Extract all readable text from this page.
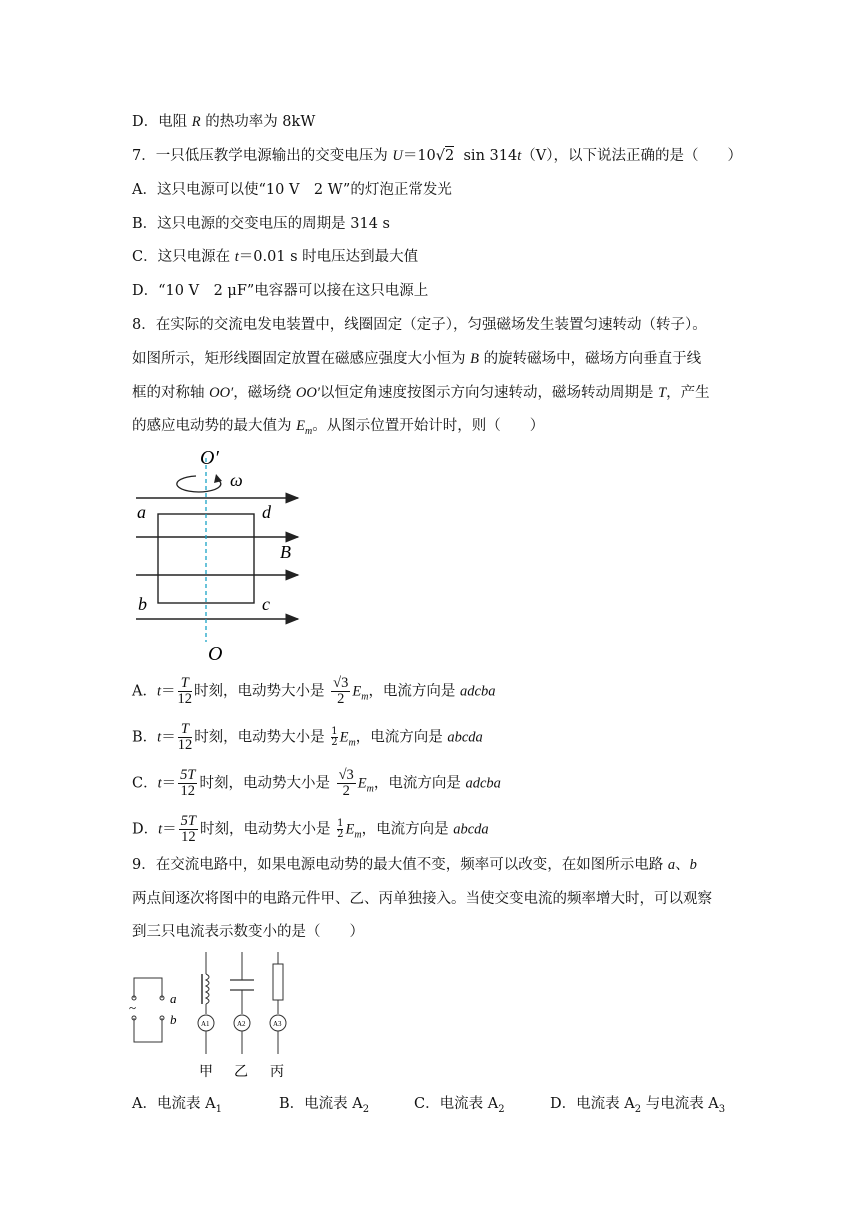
D．电阻 R 的热功率为 8kW
7．一只低压教学电源输出的交变电压为 U＝10√2  sin 314t（V），以下说法正确的是（　　）
A．这只电源可以使“10 V　2 W”的灯泡正常发光
B．这只电源的交变电压的周期是 314 s
C．这只电源在 t＝0.01 s 时电压达到最大值
D．“10 V　2 μF”电容器可以接在这只电源上
8．在实际的交流电发电装置中，线圈固定（定子），匀强磁场发生装置匀速转动（转子）。
如图所示，矩形线圈固定放置在磁感应强度大小恒为 B 的旋转磁场中，磁场方向垂直于线
框的对称轴 OO′，磁场绕 OO′以恒定角速度按图示方向匀速转动，磁场转动周期是 T，产生
的感应电动势的最大值为 $E_m$。从图示位置开始计时，则（　　）
O′
ω
a	d
B
b	c
O
A．$t= \frac{T}{12}$ 时刻，电动势大小是 $\frac{√3}{2} E_m$，电流方向是 adcba
B．$t= \frac{T}{12}$ 时刻，电动势大小是 $\frac{1}{2} E_m$，电流方向是 abcda
C．$t= \frac{5T}{12}$ 时刻，电动势大小是 $\frac{√3}{2} E_m$，电流方向是 adcba
D．$t= \frac{5T}{12}$ 时刻，电动势大小是 $\frac{1}{2} E_m$，电流方向是 abcda
9．在交流电路中，如果电源电动势的最大值不变，频率可以改变，在如图所示电路 a、b
两点间逐次将图中的电路元件甲、乙、丙单独接入。当使交变电流的频率增大时，可以观察
到三只电流表示数变小的是（　　）
~
a
b	A1
甲
A2
乙
A3
丙
A．电流表 $A_1$	B．电流表 $A_2$	C．电流表 $A_2$	D．电流表 $A_2$ 与电流表 $A_3$
